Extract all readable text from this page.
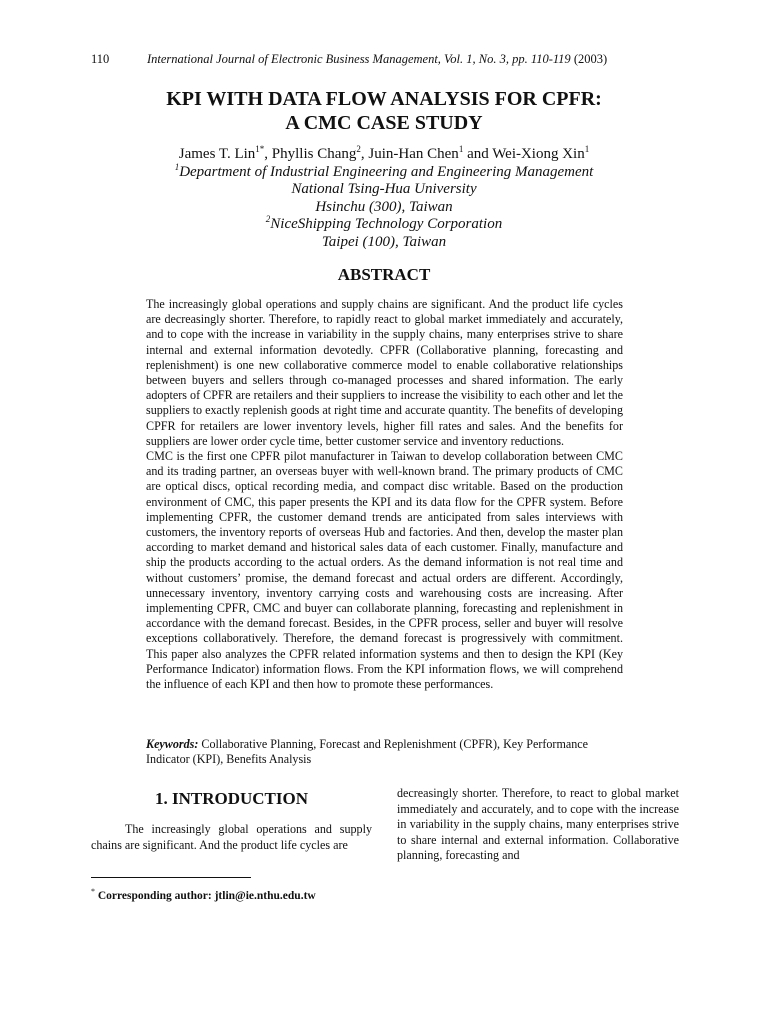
110	International Journal of Electronic Business Management, Vol. 1, No. 3, pp. 110-119 (2003)
KPI WITH DATA FLOW ANALYSIS FOR CPFR:
A CMC CASE STUDY
James T. Lin$^{1*}$, Phyllis Chang$^2$, Juin-Han Chen$^1$ and Wei-Xiong Xin$^1$
$^1$Department of Industrial Engineering and Engineering Management
National Tsing-Hua University
Hsinchu (300), Taiwan
$^2$NiceShipping Technology Corporation
Taipei (100), Taiwan
ABSTRACT

The increasingly global operations and supply chains are significant. And the product life cycles are decreasingly shorter. Therefore, to rapidly react to global market immediately and accurately, and to cope with the increase in variability in the supply chains, many enterprises strive to share internal and external information devotedly. CPFR (Collaborative planning, forecasting and replenishment) is one new collaborative commerce model to enable collaborative relationships between buyers and sellers through co-managed processes and shared information. The early adopters of CPFR are retailers and their suppliers to increase the visibility to each other and let the suppliers to exactly replenish goods at right time and accurate quantity. The benefits of developing CPFR for retailers are lower inventory levels, higher fill rates and sales. And the benefits for suppliers are lower order cycle time, better customer service and inventory reductions.

CMC is the first one CPFR pilot manufacturer in Taiwan to develop collaboration between CMC and its trading partner, an overseas buyer with well-known brand. The primary products of CMC are optical discs, optical recording media, and compact disc writable. Based on the production environment of CMC, this paper presents the KPI and its data flow for the CPFR system. Before implementing CPFR, the customer demand trends are anticipated from sales interviews with customers, the inventory reports of overseas Hub and factories. And then, develop the master plan according to market demand and historical sales data of each customer. Finally, manufacture and ship the products according to the actual orders. As the demand information is not real time and without customers’ promise, the demand forecast and actual orders are different. Accordingly, unnecessary inventory, inventory carrying costs and warehousing costs are increasing. After implementing CPFR, CMC and buyer can collaborate planning, forecasting and replenishment in accordance with the demand forecast. Besides, in the CPFR process, seller and buyer will resolve exceptions collaboratively. Therefore, the demand forecast is progressively with commitment. This paper also analyzes the CPFR related information systems and then to design the KPI (Key Performance Indicator) information flows. From the KPI information flows, we will comprehend the influence of each KPI and then how to promote these performances.

Keywords: Collaborative Planning, Forecast and Replenishment (CPFR), Key Performance Indicator (KPI), Benefits Analysis
1. INTRODUCTION
The increasingly global operations and supply chains are significant. And the product life cycles are
decreasingly shorter. Therefore, to react to global market immediately and accurately, and to cope with the increase in variability in the supply chains, many enterprises strive to share internal and external information. Collaborative planning, forecasting and
* Corresponding author: jtlin@ie.nthu.edu.tw
